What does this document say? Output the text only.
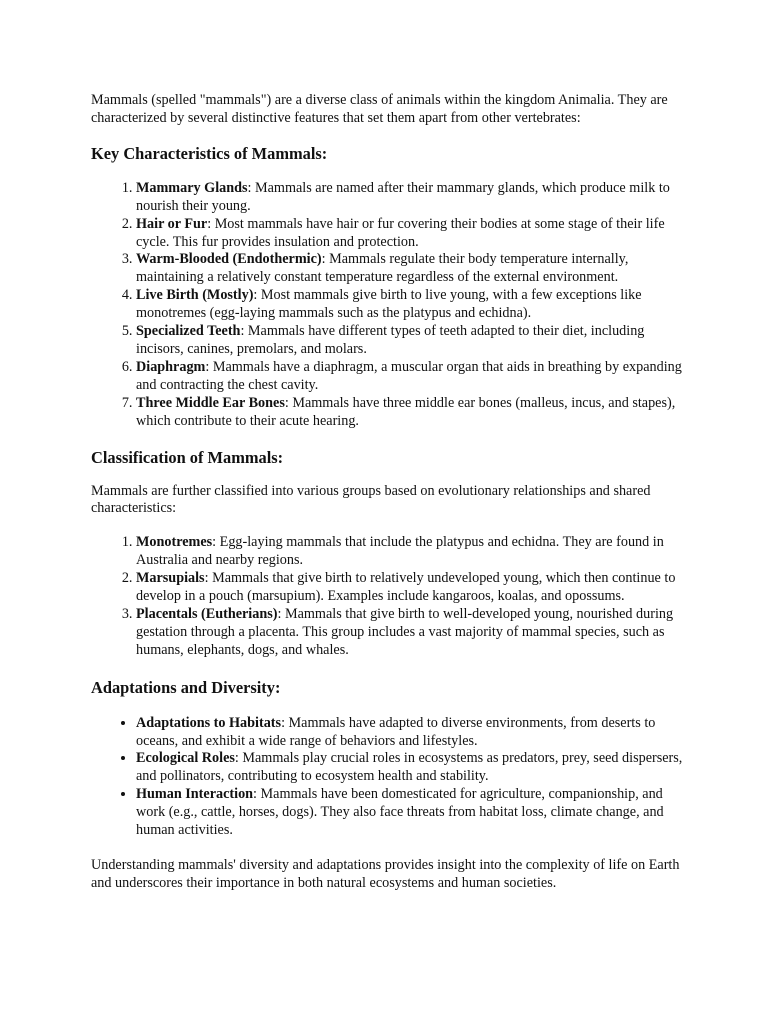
Mammals (spelled "mammals") are a diverse class of animals within the kingdom Animalia. They are characterized by several distinctive features that set them apart from other vertebrates:

Key Characteristics of Mammals:
1. Mammary Glands: Mammals are named after their mammary glands, which produce milk to nourish their young.
2. Hair or Fur: Most mammals have hair or fur covering their bodies at some stage of their life cycle. This fur provides insulation and protection.
3. Warm-Blooded (Endothermic): Mammals regulate their body temperature internally, maintaining a relatively constant temperature regardless of the external environment.
4. Live Birth (Mostly): Most mammals give birth to live young, with a few exceptions like monotremes (egg-laying mammals such as the platypus and echidna).
5. Specialized Teeth: Mammals have different types of teeth adapted to their diet, including incisors, canines, premolars, and molars.
6. Diaphragm: Mammals have a diaphragm, a muscular organ that aids in breathing by expanding and contracting the chest cavity.
7. Three Middle Ear Bones: Mammals have three middle ear bones (malleus, incus, and stapes), which contribute to their acute hearing.
Classification of Mammals:

Mammals are further classified into various groups based on evolutionary relationships and shared characteristics:

1. Monotremes: Egg-laying mammals that include the platypus and echidna. They are found in Australia and nearby regions.
2. Marsupials: Mammals that give birth to relatively undeveloped young, which then continue to develop in a pouch (marsupium). Examples include kangaroos, koalas, and opossums.
3. Placentals (Eutherians): Mammals that give birth to well-developed young, nourished during gestation through a placenta. This group includes a vast majority of mammal species, such as humans, elephants, dogs, and whales.
Adaptations and Diversity:
• Adaptations to Habitats: Mammals have adapted to diverse environments, from deserts to oceans, and exhibit a wide range of behaviors and lifestyles.
• Ecological Roles: Mammals play crucial roles in ecosystems as predators, prey, seed dispersers, and pollinators, contributing to ecosystem health and stability.
• Human Interaction: Mammals have been domesticated for agriculture, companionship, and work (e.g., cattle, horses, dogs). They also face threats from habitat loss, climate change, and human activities.

Understanding mammals' diversity and adaptations provides insight into the complexity of life on Earth and underscores their importance in both natural ecosystems and human societies.
